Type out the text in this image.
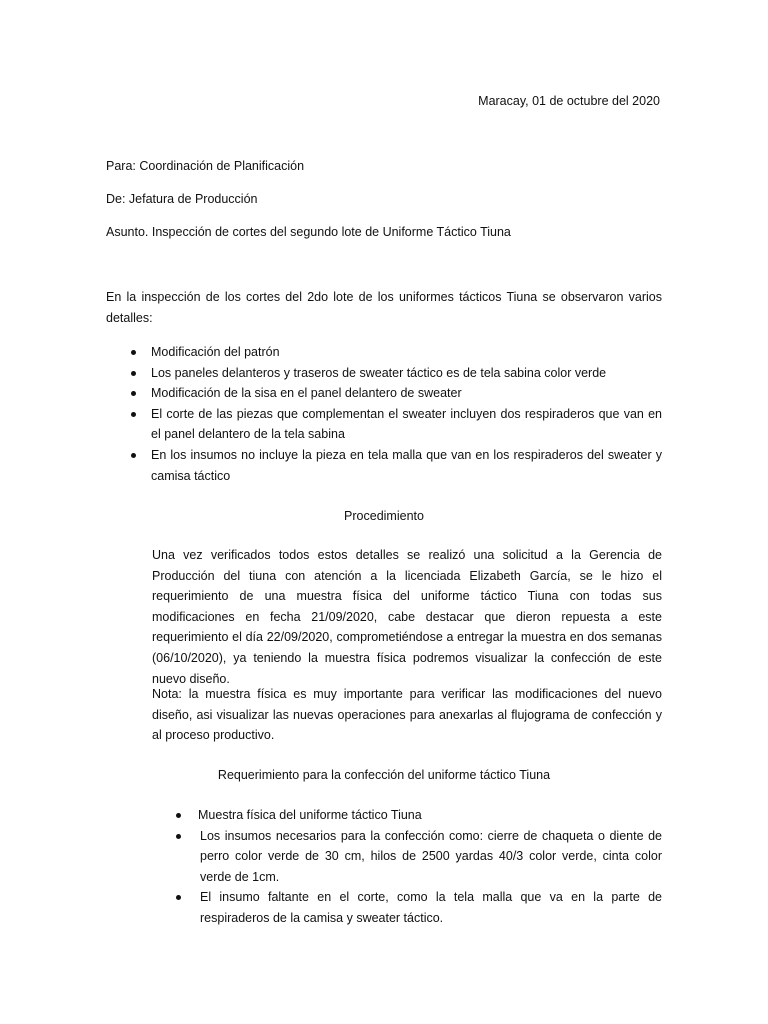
Maracay, 01 de octubre del 2020
Para: Coordinación de Planificación
De: Jefatura de Producción
Asunto. Inspección de cortes del segundo lote de Uniforme Táctico Tiuna
En la inspección de los cortes del 2do lote de los uniformes tácticos Tiuna se observaron varios detalles:
Modificación del patrón
Los paneles delanteros y traseros de sweater táctico es de tela sabina color verde
Modificación de la sisa en el panel delantero de sweater
El corte de las piezas que complementan el sweater incluyen dos respiraderos que van en el panel delantero de la tela sabina
En los insumos no incluye la pieza en tela malla que van en los respiraderos del sweater y camisa táctico
Procedimiento
Una vez verificados todos estos detalles se realizó una solicitud a la Gerencia de Producción del tiuna con atención a la licenciada Elizabeth García, se le hizo el requerimiento de una muestra física del uniforme táctico Tiuna con todas sus modificaciones en fecha 21/09/2020, cabe destacar que dieron repuesta a este requerimiento el día 22/09/2020, comprometiéndose a entregar la muestra en dos semanas (06/10/2020), ya teniendo la muestra física podremos visualizar la confección de este nuevo diseño.
Nota: la muestra física es muy importante para verificar las modificaciones del nuevo diseño, asi visualizar las nuevas operaciones para anexarlas al flujograma de confección y al proceso productivo.
Requerimiento para la confección del uniforme táctico Tiuna
Muestra física del uniforme táctico Tiuna
Los insumos necesarios para la confección como: cierre de chaqueta o diente de perro color verde de 30 cm, hilos de 2500 yardas 40/3 color verde, cinta color verde de 1cm.
El insumo faltante en el corte, como la tela malla que va en la parte de respiraderos de la camisa y sweater táctico.
